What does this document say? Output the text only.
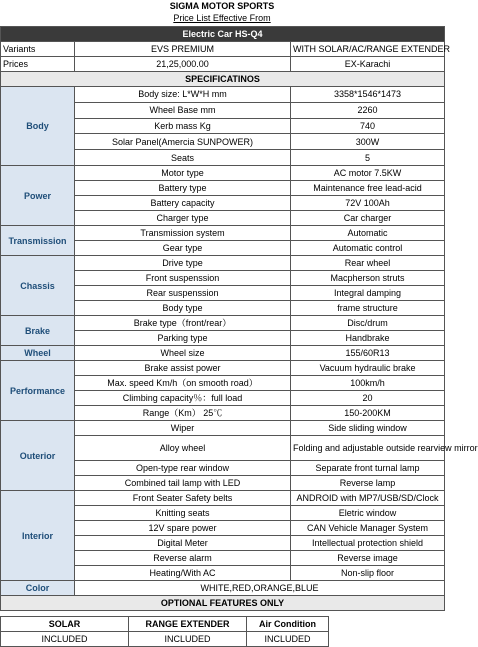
SIGMA MOTOR SPORTS
Price List Effective From
Electric Car HS-Q4		
Variants	EVS PREMIUM	WITH SOLAR/AC/RANGE EXTENDER
Prices	21,25,000.00	EX-Karachi
SPECIFICATINOS		
Body	Body size: L*W*H mm	3358*1546*1473
	Wheel Base mm	2260
	Kerb mass Kg	740
	Solar Panel(Amercia SUNPOWER)	300W
	Seats	5
Power	Motor type	AC motor 7.5KW
	Battery type	Maintenance free lead-acid
	Battery capacity	72V 100Ah
	Charger type	Car charger
Transmission	Transmission system	Automatic
	Gear type	Automatic control
Chassis	Drive type	Rear wheel
	Front suspenssion	Macpherson struts
	Rear suspenssion	Integral damping
	Body type	frame structure
Brake	Brake type（front/rear）	Disc/drum
	Parking type	Handbrake
Wheel	Wheel size	155/60R13
Performance	Brake assist power	Vacuum hydraulic brake
	Max. speed Km/h（on smooth road）	100km/h
	Climbing capacity％：full load	20
	Range（Km） 25℃	150-200KM
Outerior	Wiper	Side sliding window
	Alloy wheel	Folding and adjustable outside rearview mirror
	Open-type rear window	Separate front turnal lamp
	Combined tail lamp with LED	Reverse lamp
Interior	Front Seater Safety belts	ANDROID with MP7/USB/SD/Clock
	Knitting seats	Eletric window
	12V spare power	CAN Vehicle Manager System
	Digital Meter	Intellectual protection shield
	Reverse alarm	Reverse image
	Heating/With AC	Non-slip floor
Color	WHITE,RED,ORANGE,BLUE	
OPTIONAL FEATURES ONLY		
SOLAR	RANGE EXTENDER	Air Condition	
INCLUDED	INCLUDED	INCLUDED	
